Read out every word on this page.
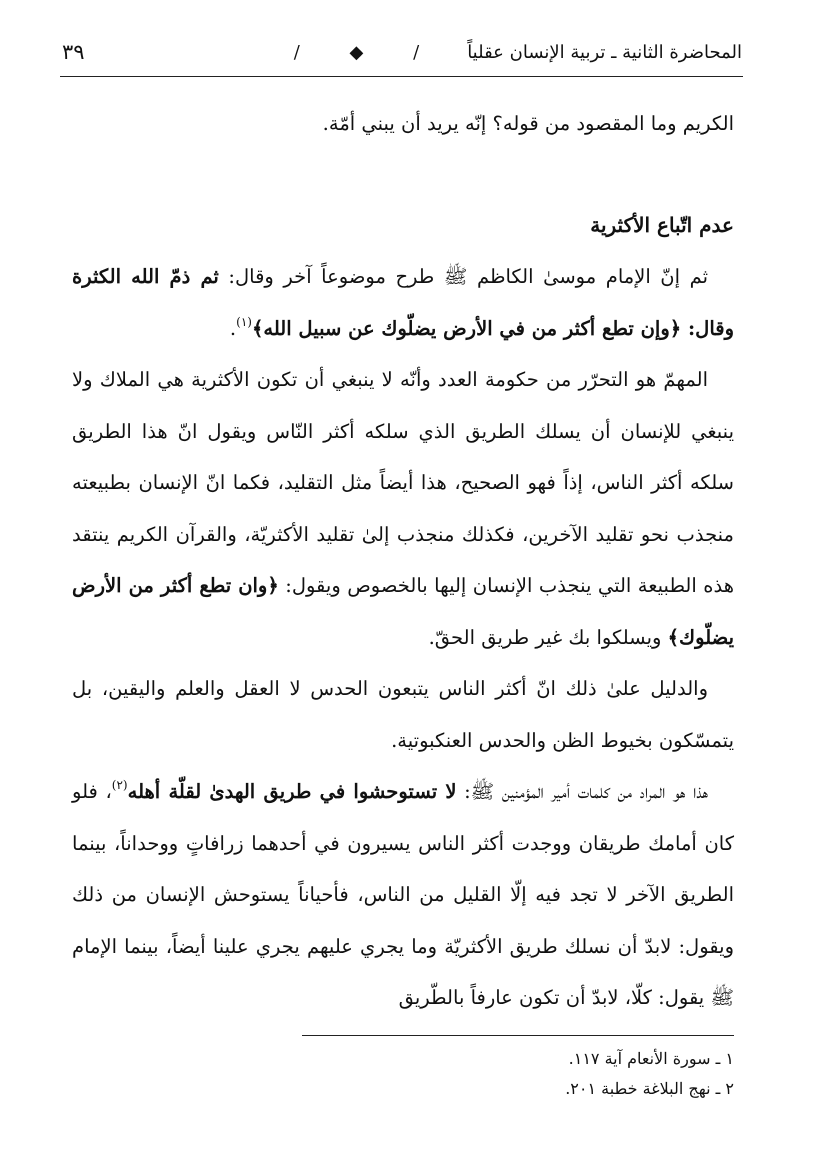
المحاضرة الثانية ـ تربية الإنسان عقلياً
/ ◆ /
٣٩

الكريم وما المقصود من قوله؟ إنّه يريد أن يبني أمّة.

عدم اتّباع الأكثرية

ثم إنّ الإمام موسىٰ الكاظم ﷺ طرح موضوعاً آخر وقال: ثم ذمّ الله الكثرة وقال: ﴿وإن تطع أكثر من في الأرض يضلّوك عن سبيل الله﴾$^{(١)}$.

المهمّ هو التحرّر من حكومة العدد وأنّه لا ينبغي أن تكون الأكثرية هي الملاك ولا ينبغي للإنسان أن يسلك الطريق الذي سلكه أكثر النّاس ويقول انّ هذا الطريق سلكه أكثر الناس، إذاً فهو الصحيح، هذا أيضاً مثل التقليد، فكما انّ الإنسان بطبيعته منجذب نحو تقليد الآخرين، فكذلك منجذب إلىٰ تقليد الأكثريّة، والقرآن الكريم ينتقد هذه الطبيعة التي ينجذب الإنسان إليها بالخصوص ويقول: ﴿وان تطع أكثر من الأرض يضلّوك﴾ ويسلكوا بك غير طريق الحقّ.

والدليل علىٰ ذلك انّ أكثر الناس يتبعون الحدس لا العقل والعلم واليقين، بل يتمسّكون بخيوط الظن والحدس العنكبوتية.

هذا هو المراد من كلمات أمير المؤمنين ﷺ: لا تستوحشوا في طريق الهدىٰ لقلّة أهله$^{(٢)}$، فلو كان أمامك طريقان ووجدت أكثر الناس يسيرون في أحدهما زرافاتٍ ووحداناً، بينما الطريق الآخر لا تجد فيه إلّا القليل من الناس، فأحياناً يستوحش الإنسان من ذلك ويقول: لابدّ أن نسلك طريق الأكثريّة وما يجري عليهم يجري علينا أيضاً، بينما الإمام ﷺ يقول: كلّا، لابدّ أن تكون عارفاً بالطّريق

١ ـ سورة الأنعام آية ١١٧.
٢ ـ نهج البلاغة خطبة ٢٠١.
